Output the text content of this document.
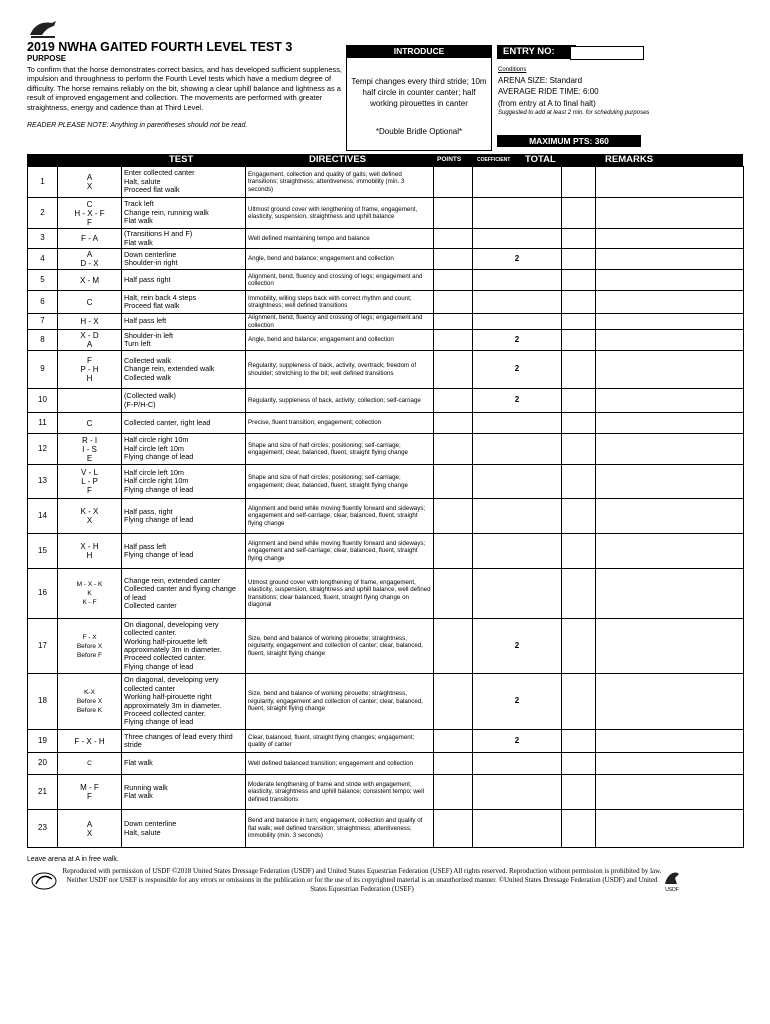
2019 NWHA GAITED FOURTH LEVEL TEST 3
PURPOSE
To confirm that the horse demonstrates correct basics, and has developed sufficient suppleness, impulsion and throughness to perform the Fourth Level tests which have a medium degree of difficulty. The horse remains reliably on the bit, showing a clear uphill balance and lightness as a result of improved engagement and collection. The movements are performed with greater straightness, energy and cadence than at Third Level.
READER PLEASE NOTE: Anything in parentheses should not be read.
INTRODUCE
Tempi changes every third stride; 10m half circle in counter canter; half working pirouettes in canter
*Double Bridle Optional*
ENTRY NO:
Conditions
ARENA SIZE: Standard
AVERAGE RIDE TIME: 6:00
(from entry at A to final halt)
Suggested to add at least 2 min. for scheduling purposes
MAXIMUM PTS: 360
TEST	DIRECTIVES	POINTS	COEFFICIENT TOTAL	REMARKS
1	A
X	Enter collected canter
Halt, salute
Proceed flat walk	Engagement, collection and quality of gaits; well defined transitions; straightness; attentiveness; immobility (min. 3 seconds)				
2	C
H - X - F
F	Track left
Change rein, running walk
Flat walk	Ultmost ground cover with lengthening of frame, engagement, elasticity, suspension, straightness and uphill balance				
3	F - A	(Transitions H and F)
Flat walk	Well defined maintaining tempo and balance				
4	A
D - X	Down centerline
Shoulder-in right	Angle, bend and balance; engagement and collection		2		
5	X - M	Half pass right	Alignment, bend, fluency and crossing of legs; engagement and collection				
6	C	Halt, rein back 4 steps
Proceed flat walk	Immobility, willing steps back with correct rhythm and count; straightness; well defined transitions				
7	H - X	Half pass left	Alignment, bend, fluency and crossing of legs; engagement and collection				
8	X - D
A	Shoulder-in left
Turn left	Angle, bend and balance; engagement and collection		2		
9	F
P - H
H	Collected walk
Change rein, extended walk
Collected walk	Regularity; suppleness of back, activity, overtrack; freedom of shoulder; stretching to the bit; well defined transitions		2		
10		(Collected walk)
(F-P/H-C)	Regularity, suppleness of back, activity; collection; self-carriage		2		
11	C	Collected canter, right lead	Precise, fluent transition; engagement; collection				
12	R - I
I - S
E	Half circle right 10m
Half circle left 10m
Flying change of lead	Shape and size of half circles; positioning; self-carriage; engagement; clear, balanced, fluent, straight flying change				
13	V - L
L - P
F	Half circle left 10m
Half circle right 10m
Flying change of lead	Shape and size of half circles; positioning; self-carriage; engagement; clear, balanced, fluent, straight flying change				
14	K - X
X	Half pass, right
Flying change of lead	Alignment and bend while moving fluently forward and sideways; engagement and self-carriage; clear, balanced, fluent, straight flying change				
15	X - H
H	Half pass left
Flying change of lead	Alignment and bend while moving fluently forward and sideways; engagement and self-carriage; clear, balanced, fluent, straight flying change				
16	M - X - K
K
K - F	Change rein, extended canter
Collected canter and flying change of lead
Collected canter	Utmost ground cover with lengthening of frame, engagement, elasticity, suspension, straightness and uphill balance, well defined transitions; clear balanced, fluent, straight flying change on diagonal				
17	F - X
Before X
Before F	On diagonal, developing very collected canter.
Working half-pirouette left approximately 3m in diameter.
Proceed collected canter.
Flying change of lead	Size, bend and balance of working pirouette; straightness, regularity, engagement and collection of canter; clear, balanced, fluent, straight flying change		2		
18	K-X
Before X
Before K	On diagonal, developing very collected canter
Working half-pirouette right approximately 3m in diameter.
Proceed collected canter.
Flying change of lead	Size, bend and balance of working pirouette; straightness, regularity, engagement and collection of canter; clear, balanced, fluent, straight flying change		2		
19	F - X - H	Three changes of lead every third stride	Clear, balanced, fluent, straight flying changes; engagement; quality of canter		2		
20	C	Flat walk	Well defined balanced transition; engagement and collection				
21	M - F
F	Running walk
Flat walk	Moderate lengthening of frame and stride with engagement, elasticity, straightness and uphill balance; consistent tempo; well defined transitions				
23	A
X	Down centerline
Halt, salute	Bend and balance in turn; engagement, collection and quality of flat walk; well defined transition; straightness; attentiveness; immobility (min. 3 seconds)				
Leave arena at A in free walk.
Reproduced with permission of USDF ©2018 United States Dressage Federation (USDF) and United States Equestrian Federation (USEF) All rights reserved. Reproduction without permission is prohibited by law. Neither USDF nor USEF is responsible for any errors or omissions in the publication or for the use of its copyrighted material is an unauthorized manner. ©United States Dressage Federation (USDF) and United States Equestrian Federation (USEF)	USDF
